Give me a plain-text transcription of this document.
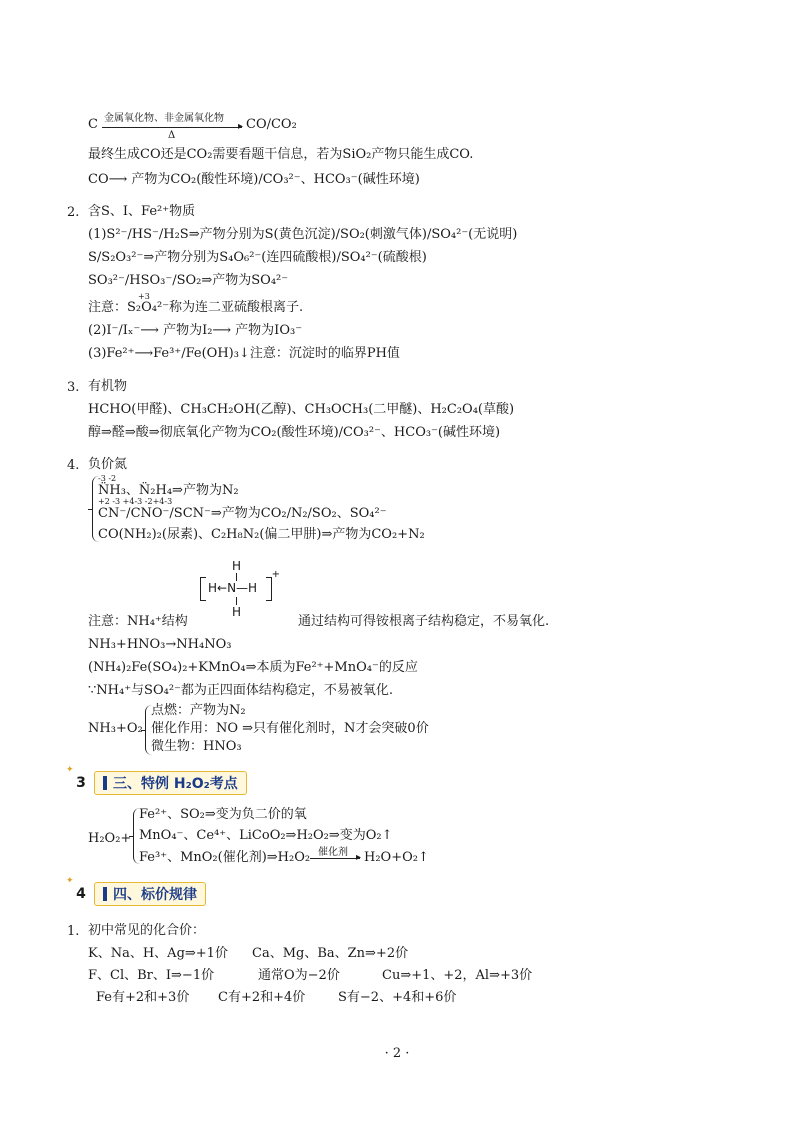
C 金属氧化物、非金属氧化物
▸
Δ
CO/CO₂
最终生成CO还是CO₂需要看题干信息，若为SiO₂产物只能生成CO.
CO⟶ 产物为CO₂(酸性环境)/CO₃²⁻、HCO₃⁻(碱性环境)
2. 含S、I、Fe²⁺物质
(1)S²⁻/HS⁻/H₂S⇒产物分别为S(黄色沉淀)/SO₂(刺激气体)/SO₄²⁻(无说明)
S/S₂O₃²⁻⇒产物分别为S₄O₆²⁻(连四硫酸根)/SO₄²⁻(硫酸根)
SO₃²⁻/HSO₃⁻/SO₂⇒产物为SO₄²⁻
+3
注意：S₂O₄²⁻称为连二亚硫酸根离子.
(2)I⁻/Iₓ⁻⟶ 产物为I₂⟶ 产物为IO₃⁻
(3)Fe²⁺⟶Fe³⁺/Fe(OH)₃↓注意：沉淀时的临界PH值
3. 有机物
HCHO(甲醛)、CH₃CH₂OH(乙醇)、CH₃OCH₃(二甲醚)、H₂C₂O₄(草酸)
醇⇒醛⇒酸⇒彻底氧化产物为CO₂(酸性环境)/CO₃²⁻、HCO₃⁻(碱性环境)
4. 负价氮
-3 -2
N̈H₃、N̈₂H₄⇒产物为N₂
+2 -3 +4-3 -2+4-3
CN⁻/CNO⁻/SCN⁻⇒产物为CO₂/N₂/SO₂、SO₄²⁻
CO(NH₂)₂(尿素)、C₂H₈N₂(偏二甲肼)⇒产物为CO₂+N₂
H
H←N—H
H
+
注意：NH₄⁺结构	通过结构可得铵根离子结构稳定，不易氧化.
NH₃+HNO₃→NH₄NO₃
(NH₄)₂Fe(SO₄)₂+KMnO₄⇒本质为Fe²⁺+MnO₄⁻的反应
∵NH₄⁺与SO₄²⁻都为正四面体结构稳定，不易被氧化.
NH₃+O₂
点燃：产物为N₂
催化作用：NO ⇒只有催化剂时，N才会突破0价
微生物：HNO₃
✦ 3	三、特例 H₂O₂考点
H₂O₂+
Fe²⁺、SO₂⇒变为负二价的氧
MnO₄⁻、Ce⁴⁺、LiCoO₂⇒H₂O₂⇒变为O₂↑
Fe³⁺、MnO₂(催化剂)⇒H₂O₂ 催化剂 ▸ H₂O+O₂↑
✦ 4	四、标价规律
1. 初中常见的化合价：
K、Na、H、Ag⇒+1价 Ca、Mg、Ba、Zn⇒+2价
F、Cl、Br、I⇒−1价	通常O为−2价	Cu⇒+1、+2，Al⇒+3价
Fe有+2和+3价 C有+2和+4价	S有−2、+4和+6价
· 2 ·
